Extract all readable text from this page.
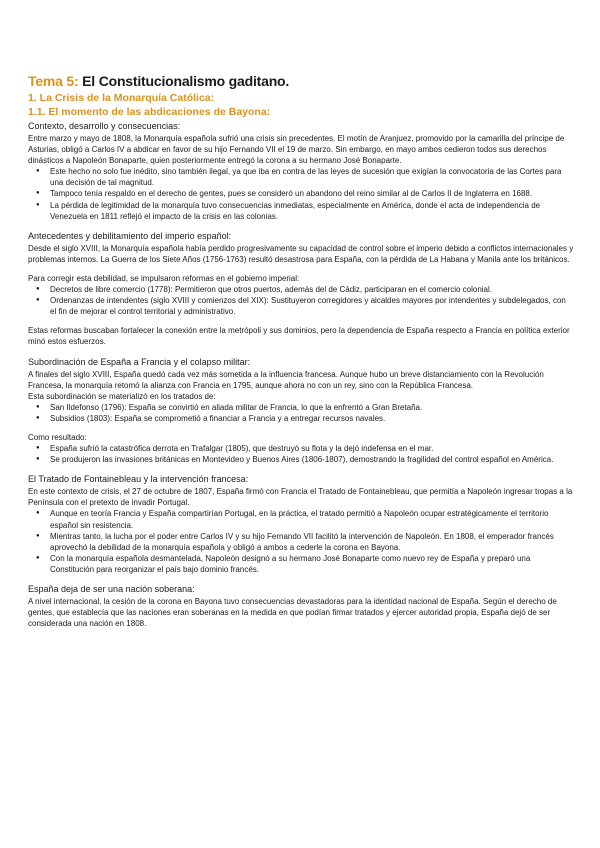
Tema 5: El Constitucionalismo gaditano.
1. La Crisis de la Monarquía Católica:
1.1. El momento de las abdicaciones de Bayona:
Contexto, desarrollo y consecuencias:

Entre marzo y mayo de 1808, la Monarquía española sufrió una crisis sin precedentes. El motín de Aranjuez, promovido por la camarilla del príncipe de Asturias, obligó a Carlos IV a abdicar en favor de su hijo Fernando VII el 19 de marzo. Sin embargo, en mayo ambos cedieron todos sus derechos dinásticos a Napoleón Bonaparte, quien posteriormente entregó la corona a su hermano José Bonaparte.

● Este hecho no solo fue inédito, sino también ilegal, ya que iba en contra de las leyes de sucesión que exigían la convocatoria de las Cortes para una decisión de tal magnitud.
● Tampoco tenía respaldo en el derecho de gentes, pues se consideró un abandono del reino similar al de Carlos II de Inglaterra en 1688.
● La pérdida de legitimidad de la monarquía tuvo consecuencias inmediatas, especialmente en América, donde el acta de independencia de Venezuela en 1811 reflejó el impacto de la crisis en las colonias.
Antecedentes y debilitamiento del imperio español:

Desde el siglo XVIII, la Monarquía española había perdido progresivamente su capacidad de control sobre el imperio debido a conflictos internacionales y problemas internos. La Guerra de los Siete Años (1756-1763) resultó desastrosa para España, con la pérdida de La Habana y Manila ante los británicos.

Para corregir esta debilidad, se impulsaron reformas en el gobierno imperial:

● Decretos de libre comercio (1778): Permitieron que otros puertos, además del de Cádiz, participaran en el comercio colonial.
● Ordenanzas de intendentes (siglo XVIII y comienzos del XIX): Sustituyeron corregidores y alcaldes mayores por intendentes y subdelegados, con el fin de mejorar el control territorial y administrativo.

Estas reformas buscaban fortalecer la conexión entre la metrópoli y sus dominios, pero la dependencia de España respecto a Francia en política exterior minó estos esfuerzos.

Subordinación de España a Francia y el colapso militar:

A finales del siglo XVIII, España quedó cada vez más sometida a la influencia francesa. Aunque hubo un breve distanciamiento con la Revolución Francesa, la monarquía retomó la alianza con Francia en 1795, aunque ahora no con un rey, sino con la República Francesa.

Esta subordinación se materializó en los tratados de:

● San Ildefonso (1796): España se convirtió en aliada militar de Francia, lo que la enfrentó a Gran Bretaña.
● Subsidios (1803): España se comprometió a financiar a Francia y a entregar recursos navales.

Como resultado:

● España sufrió la catastrófica derrota en Trafalgar (1805), que destruyó su flota y la dejó indefensa en el mar.
● Se produjeron las invasiones británicas en Montevideo y Buenos Aires (1806-1807), demostrando la fragilidad del control español en América.
El Tratado de Fontainebleau y la intervención francesa:

En este contexto de crisis, el 27 de octubre de 1807, España firmó con Francia el Tratado de Fontainebleau, que permitía a Napoleón ingresar tropas a la Península con el pretexto de invadir Portugal.

● Aunque en teoría Francia y España compartirían Portugal, en la práctica, el tratado permitió a Napoleón ocupar estratégicamente el territorio español sin resistencia.
● Mientras tanto, la lucha por el poder entre Carlos IV y su hijo Fernando VII facilitó la intervención de Napoleón. En 1808, el emperador francés aprovechó la debilidad de la monarquía española y obligó a ambos a cederle la corona en Bayona.
● Con la monarquía española desmantelada, Napoleón designó a su hermano José Bonaparte como nuevo rey de España y preparó una Constitución para reorganizar el país bajo dominio francés.
España deja de ser una nación soberana:

A nivel internacional, la cesión de la corona en Bayona tuvo consecuencias devastadoras para la identidad nacional de España. Según el derecho de gentes, que establecía que las naciones eran soberanas en la medida en que podían firmar tratados y ejercer autoridad propia, España dejó de ser considerada una nación en 1808.
